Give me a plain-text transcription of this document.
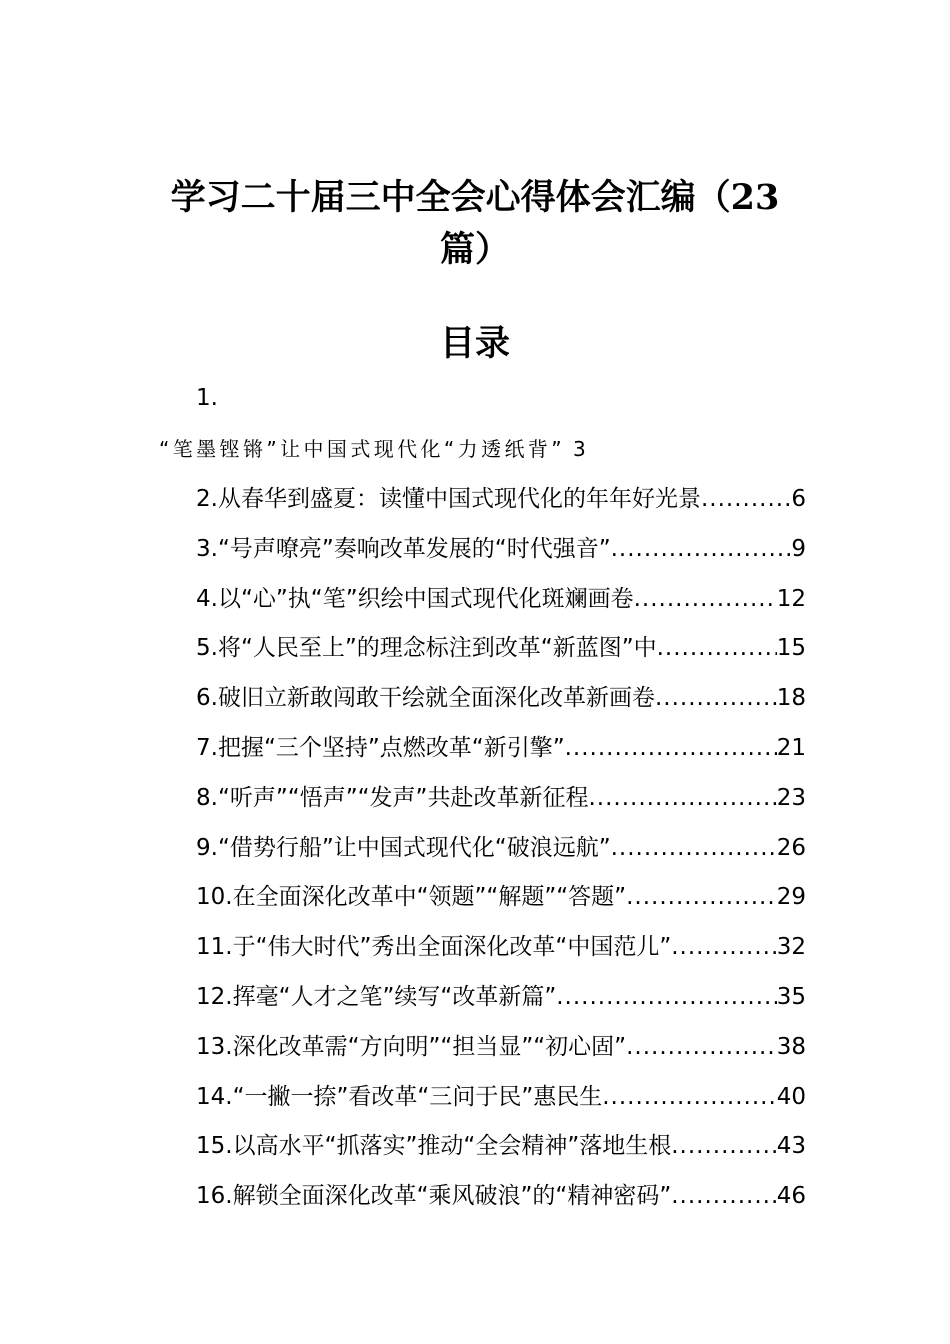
学习二十届三中全会心得体会汇编（23篇）
目录
1.
“笔墨铿锵”让中国式现代化“力透纸背” 3
2. 从春华到盛夏：读懂中国式现代化的年年好光景 .....	6
3. “号声嘹亮”奏响改革发展的“时代强音” .....	9
4. 以“心”执“笔”织绘中国式现代化斑斓画卷 .....	12
5. 将“人民至上”的理念标注到改革“新蓝图”中 .....	15
6. 破旧立新敢闯敢干绘就全面深化改革新画卷 .....	18
7. 把握“三个坚持”点燃改革“新引擎” .....	21
8. “听声”“悟声”“发声”共赴改革新征程 .....	23
9. “借势行船”让中国式现代化“破浪远航” .....	26
10. 在全面深化改革中“领题”“解题”“答题” .....	29
11. 于“伟大时代”秀出全面深化改革“中国范儿” .....	32
12. 挥毫“人才之笔”续写“改革新篇” .....	35
13. 深化改革需“方向明”“担当显”“初心固” .....	38
14. “一撇一捺”看改革“三问于民”惠民生 .....	40
15. 以高水平“抓落实”推动“全会精神”落地生根 .....	43
16. 解锁全面深化改革“乘风破浪”的“精神密码” .....	46
